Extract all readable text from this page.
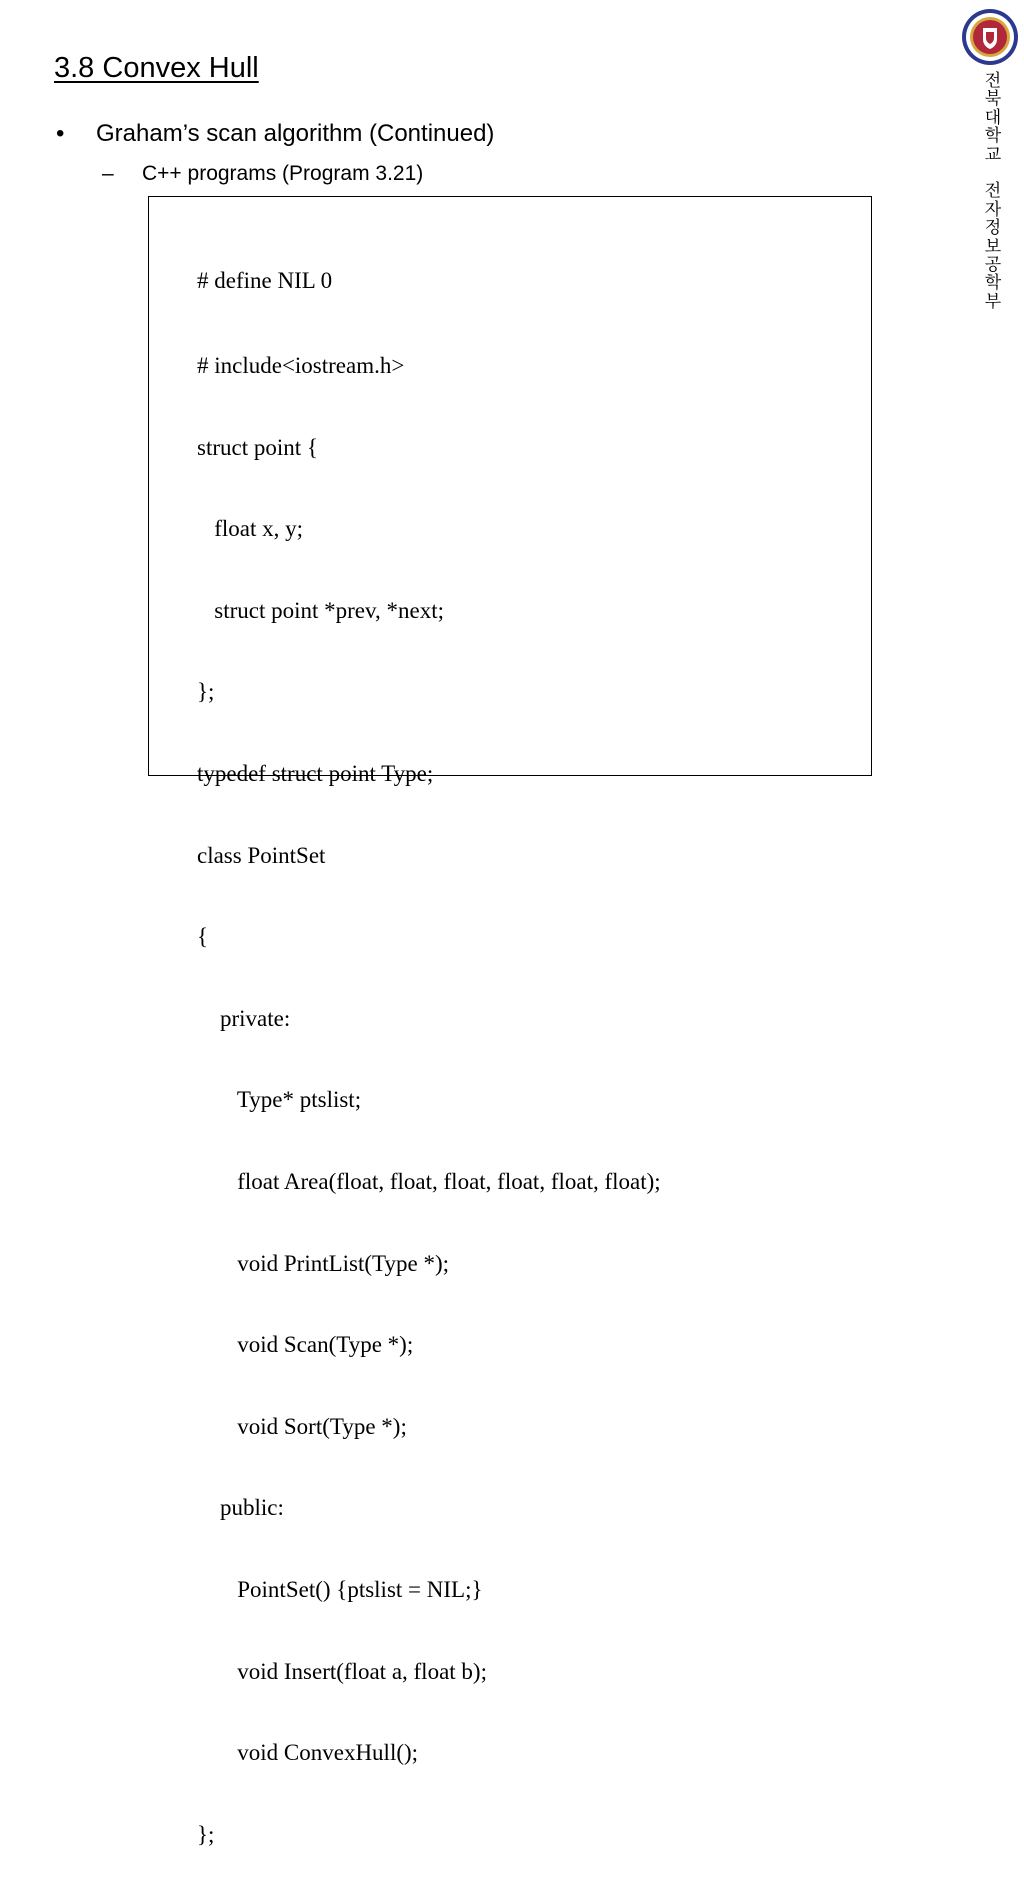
3.8 Convex Hull
• Graham’s scan algorithm (Continued)
– C++ programs (Program 3.21)

# define NIL 0

# include<iostream.h>

struct point {

float x, y;

struct point *prev, *next;

};

typedef struct point Type;

class PointSet

{

private:

Type* ptslist;

float Area(float, float, float, float, float, float);

void PrintList(Type *);

void Scan(Type *);

void Sort(Type *);

public:

PointSet() {ptslist = NIL;}

void Insert(float a, float b);

void ConvexHull();

};

전
북
대
학
교
전
자
정
보
공
학
부
